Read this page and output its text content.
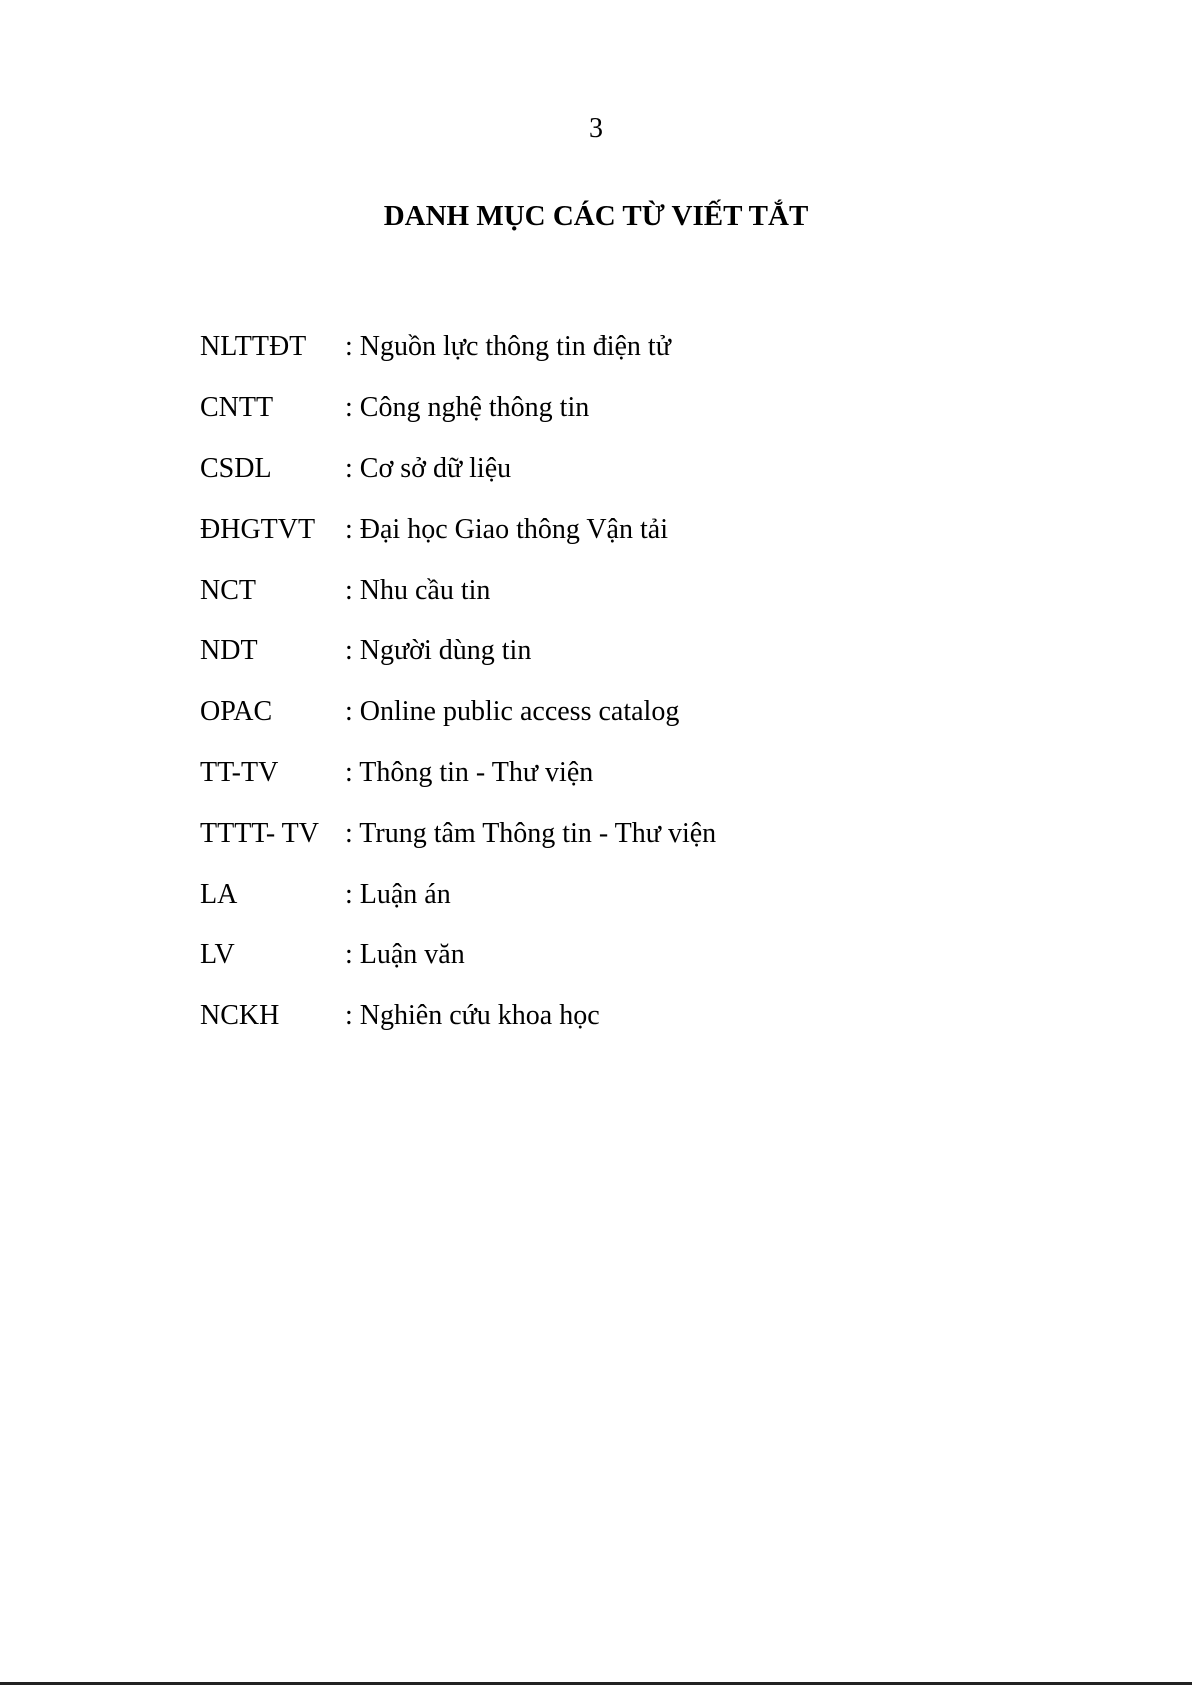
3
DANH MỤC CÁC TỪ VIẾT TẮT
NLTTĐT	: Nguồn lực thông tin điện tử
CNTT	: Công nghệ thông tin
CSDL	: Cơ sở dữ liệu
ĐHGTVT	: Đại học Giao thông Vận tải
NCT	: Nhu cầu tin
NDT	: Người dùng tin
OPAC	: Online public access catalog
TT-TV	: Thông tin - Thư viện
TTTT- TV : Trung tâm Thông tin - Thư viện
LA	: Luận án
LV	: Luận văn
NCKH	: Nghiên cứu khoa học
